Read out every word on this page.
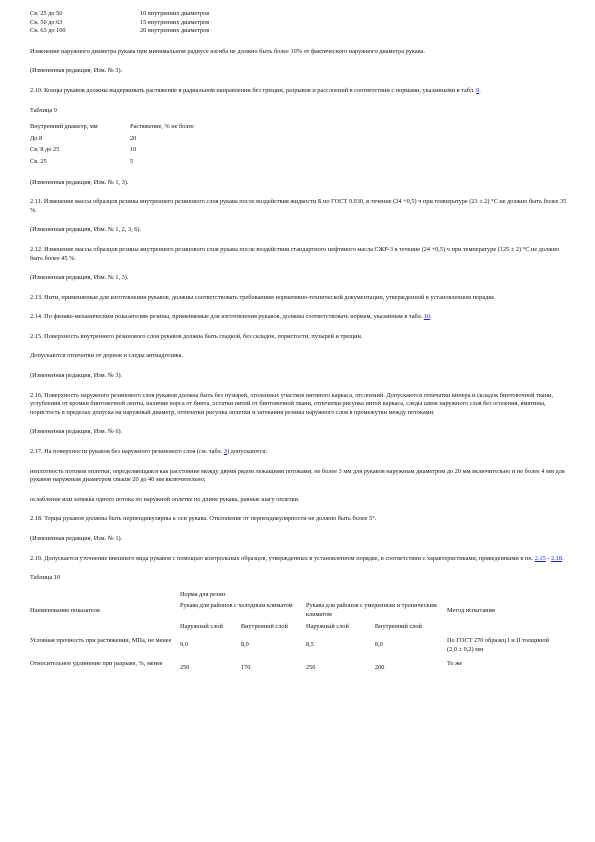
Св. 25 до 50	10 внутренних диаметров
Св. 50 до 63	15 внутренних диаметров
Св. 63 до 100	20 внутренних диаметров

Изменение наружного диаметра рукава при минимальном радиусе изгиба не должно быть более 10% от фактического наружного диаметра рукава.

(Измененная редакция, Изм. № 3).

2.10. Концы рукавов должны выдерживать растяжение в радиальном направлении без трещин, разрывов и расслоений в соответствии с нормами, указанными в табл. 9.

Таблица 9

Внутренний диаметр, мм	Растяжение, % не более
До 8	20
Св. 8 до 25	10
Св. 25	5

(Измененная редакция, Изм. № 1, 3).

2.11. Изменение массы образцов резины внутреннего резинового слоя рукава после воздействия жидкости Б по ГОСТ 9.030, в течение (24 +0,5) ч при температуре (23 ± 2) °С не должно быть более 35 %.

(Измененная редакция, Изм. № 1, 2, 3, 6).

2.12. Изменение массы образцов резины внутреннего резинового слоя рукава после воздействия стандартного нефтяного масла СЖР-3 в течение (24 +0,5) ч при температуре (125 ± 2) °С не должно быть более 45 %.

(Измененная редакция, Изм. № 1, 3).

2.13. Нити, применяемые для изготовления рукавов, должны соответствовать требованиям нормативно-технической документации, утвержденной в установленном порядке.

2.14. По физико-механическим показателям резины, применяемые для изготовления рукавов, должны соответствовать нормам, указанным в табл. 10.

2.15. Поверхность внутреннего резинового слоя рукавов должна быть гладкой, без складок, пористости, пузырей и трещин.

Допускаются отпечатки от дорнов и следы антиадгезива.

(Измененная редакция, Изм. № 3).

2.16. Поверхность наружного резинового слоя рукавов должна быть без пузырей, оголенных участков нитяного каркаса, отслоений. Допускаются отпечатки кипера и складок бинтовочной ткани, углубления от кромки бинтовочной ленты, наличие ворса от бинта, остатки нитей от бинтовочной ткани, отпечатки рисунка нитей каркаса, следы швов наружного слоя без оголения, вмятины, пористость в пределах допуска на наружный диаметр, отпечатки рисунка оплетки и затекания резины наружного слоя в промежутки между потоками.

(Измененная редакция, Изм. № 6).

2.17. На поверхности рукавов без наружного резинового слоя (см. табл. 3) допускаются:

неплотность потоков оплетки, определяющаяся как расстояние между двумя рядом лежащими потоками, не более 3 мм для рукавов наружным диаметром до 20 мм включительно и не более 4 мм для рукавов наружным диаметром свыше 20 до 40 мм включительно;

ослабление или затяжка одного потока по наружной оплетке по длине рукава, равные шагу оплетки.

2.18. Торцы рукавов должны быть перпендикулярны к оси рукава. Отклонение от перпендикулярности не должно быть более 5°.

(Измененная редакция, Изм. № 1).

2.19. Допускается уточнение внешнего вида рукавов с помощью контрольных образцов, утвержденных в установленном порядке, в соответствии с характеристиками, приведенными в пп. 2.15 - 2.18.

Таблица 10

Наименование показателя	Норма для резин				Метод испытания
	Рукава для районов с холодным климатом		Рукава для районов с умеренным и тропическим климатом		
	Наружный слой	Внутренний слой	Наружный слой	Внутренний слой	
Условная прочность при растяжении, МПа, не менее	9,0	8,0	8,5	8,0	По ГОСТ 270 образец I и II толщиной (2,0 ± 0,2) мм
Относительное удлинение при разрыве, %, менее	250	170	250	200	То же
